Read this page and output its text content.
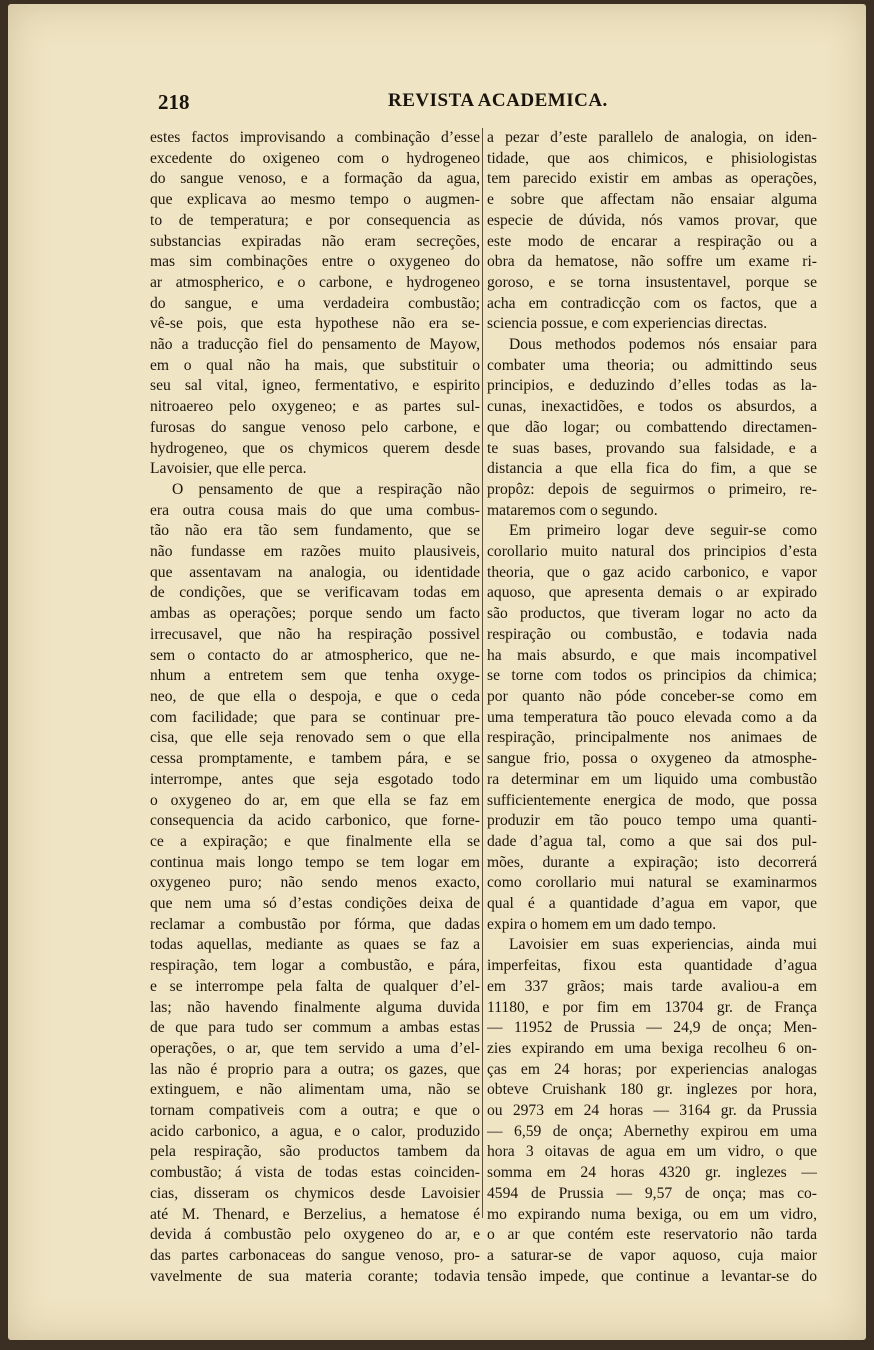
218	REVISTA ACADEMICA.
estes factos improvisando a combinação d’esse
excedente do oxigeneo com o hydrogeneo
do sangue venoso, e a formação da agua,
que explicava ao mesmo tempo o augmen-
to de temperatura; e por consequencia as
substancias expiradas não eram secreções,
mas sim combinações entre o oxygeneo do
ar atmospherico, e o carbone, e hydrogeneo
do sangue, e uma verdadeira combustão;
vê-se pois, que esta hypothese não era se-
não a traducção fiel do pensamento de Mayow,
em o qual não ha mais, que substituir o
seu sal vital, igneo, fermentativo, e espirito
nitroaereo pelo oxygeneo; e as partes sul-
furosas do sangue venoso pelo carbone, e
hydrogeneo, que os chymicos querem desde
Lavoisier, que elle perca.
O pensamento de que a respiração não
era outra cousa mais do que uma combus-
tão não era tão sem fundamento, que se
não fundasse em razões muito plausiveis,
que assentavam na analogia, ou identidade
de condições, que se verificavam todas em
ambas as operações; porque sendo um facto
irrecusavel, que não ha respiração possivel
sem o contacto do ar atmospherico, que ne-
nhum a entretem sem que tenha oxyge-
neo, de que ella o despoja, e que o ceda
com facilidade; que para se continuar pre-
cisa, que elle seja renovado sem o que ella
cessa promptamente, e tambem pára, e se
interrompe, antes que seja esgotado todo
o oxygeneo do ar, em que ella se faz em
consequencia da acido carbonico, que forne-
ce a expiração; e que finalmente ella se
continua mais longo tempo se tem logar em
oxygeneo puro; não sendo menos exacto,
que nem uma só d’estas condições deixa de
reclamar a combustão por fórma, que dadas
todas aquellas, mediante as quaes se faz a
respiração, tem logar a combustão, e pára,
e se interrompe pela falta de qualquer d’el-
las; não havendo finalmente alguma duvida
de que para tudo ser commum a ambas estas
operações, o ar, que tem servido a uma d’el-
las não é proprio para a outra; os gazes, que
extinguem, e não alimentam uma, não se
tornam compativeis com a outra; e que o
acido carbonico, a agua, e o calor, produzido
pela respiração, são productos tambem da
combustão; á vista de todas estas coinciden-
cias, disseram os chymicos desde Lavoisier
até M. Thenard, e Berzelius, a hematose é
devida á combustão pelo oxygeneo do ar, e
das partes carbonaceas do sangue venoso, pro-
vavelmente de sua materia corante; todavia
a pezar d’este parallelo de analogia, on iden-
tidade, que aos chimicos, e phisiologistas
tem parecido existir em ambas as operações,
e sobre que affectam não ensaiar alguma
especie de dúvida, nós vamos provar, que
este modo de encarar a respiração ou a
obra da hematose, não soffre um exame ri-
goroso, e se torna insustentavel, porque se
acha em contradicção com os factos, que a
sciencia possue, e com experiencias directas.
Dous methodos podemos nós ensaiar para
combater uma theoria; ou admittindo seus
principios, e deduzindo d’elles todas as la-
cunas, inexactidões, e todos os absurdos, a
que dão logar; ou combattendo directamen-
te suas bases, provando sua falsidade, e a
distancia a que ella fica do fim, a que se
propôz: depois de seguirmos o primeiro, re-
mataremos com o segundo.
Em primeiro logar deve seguir-se como
corollario muito natural dos principios d’esta
theoria, que o gaz acido carbonico, e vapor
aquoso, que apresenta demais o ar expirado
são productos, que tiveram logar no acto da
respiração ou combustão, e todavia nada
ha mais absurdo, e que mais incompativel
se torne com todos os principios da chimica;
por quanto não póde conceber-se como em
uma temperatura tão pouco elevada como a da
respiração, principalmente nos animaes de
sangue frio, possa o oxygeneo da atmosphe-
ra determinar em um liquido uma combustão
sufficientemente energica de modo, que possa
produzir em tão pouco tempo uma quanti-
dade d’agua tal, como a que sai dos pul-
mões, durante a expiração; isto decorrerá
como corollario mui natural se examinarmos
qual é a quantidade d’agua em vapor, que
expira o homem em um dado tempo.
Lavoisier em suas experiencias, ainda mui
imperfeitas, fixou esta quantidade d’agua
em 337 grãos; mais tarde avaliou-a em
11180, e por fim em 13704 gr. de França
— 11952 de Prussia — 24,9 de onça; Men-
zies expirando em uma bexiga recolheu 6 on-
ças em 24 horas; por experiencias analogas
obteve Cruishank 180 gr. inglezes por hora,
ou 2973 em 24 horas — 3164 gr. da Prussia
— 6,59 de onça; Abernethy expirou em uma
hora 3 oitavas de agua em um vidro, o que
somma em 24 horas 4320 gr. inglezes —
4594 de Prussia — 9,57 de onça; mas co-
mo expirando numa bexiga, ou em um vidro,
o ar que contém este reservatorio não tarda
a saturar-se de vapor aquoso, cuja maior
tensão impede, que continue a levantar-se do
